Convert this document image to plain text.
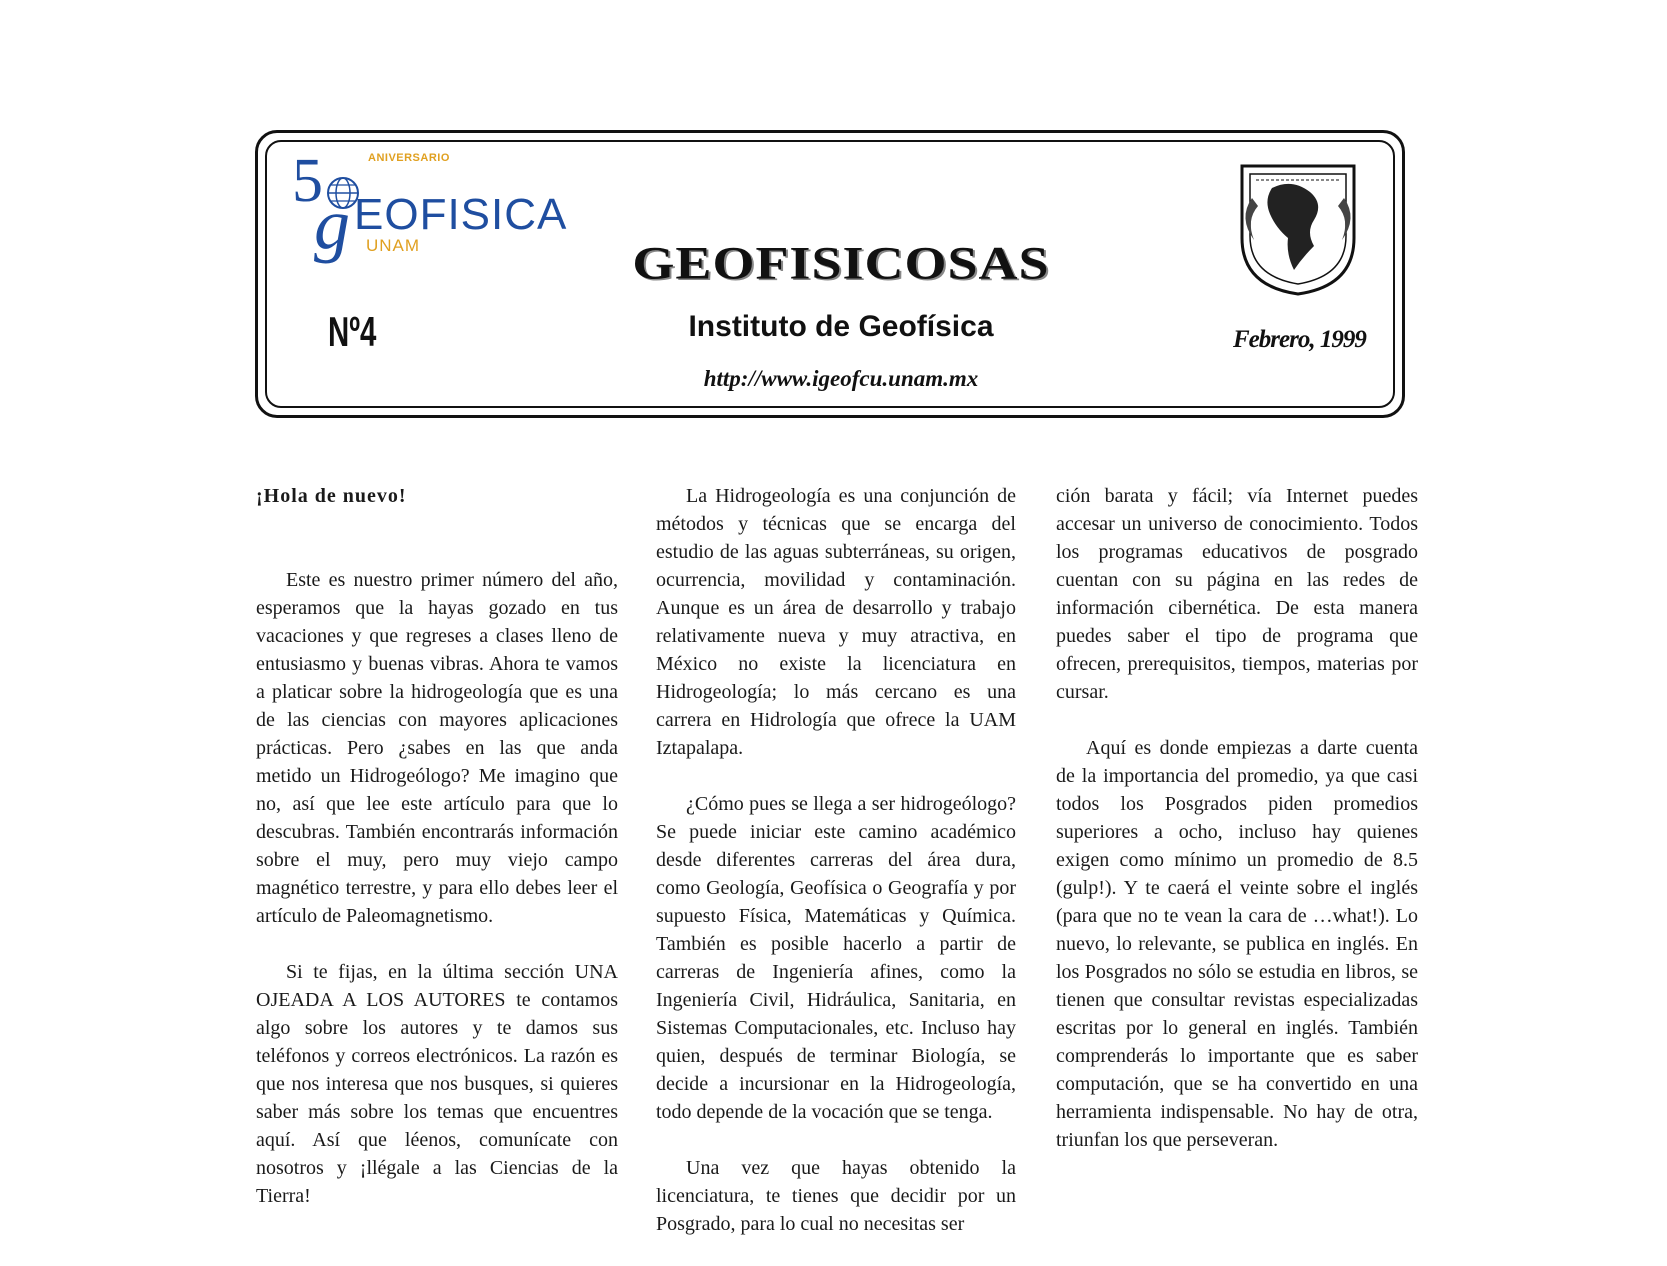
5	ANIVERSARIO
g EOFISICA
UNAM	GEOFISICOSAS
Instituto de Geofísica
http://www.igeofcu.unam.mx
Nº4	Febrero, 1999

¡Hola de nuevo!

Este es nuestro primer número del año, esperamos que la hayas gozado en tus vacaciones y que regreses a clases lleno de entusiasmo y buenas vibras. Ahora te vamos a platicar sobre la hidrogeología que es una de las ciencias con mayores aplicaciones prácticas. Pero ¿sabes en las que anda metido un Hidrogeólogo? Me imagino que no, así que lee este artículo para que lo descubras. También encontrarás información sobre el muy, pero muy viejo campo magnético terrestre, y para ello debes leer el artículo de Paleomagnetismo.

Si te fijas, en la última sección UNA OJEADA A LOS AUTORES te contamos algo sobre los autores y te damos sus teléfonos y correos electrónicos. La razón es que nos interesa que nos busques, si quieres saber más sobre los temas que encuentres aquí. Así que léenos, comunícate con nosotros y ¡llégale a las Ciencias de la Tierra!

La Hidrogeología es una conjunción de métodos y técnicas que se encarga del estudio de las aguas subterráneas, su origen, ocurrencia, movilidad y contaminación. Aunque es un área de desarrollo y trabajo relativamente nueva y muy atractiva, en México no existe la licenciatura en Hidrogeología; lo más cercano es una carrera en Hidrología que ofrece la UAM Iztapalapa.

¿Cómo pues se llega a ser hidrogeólogo? Se puede iniciar este camino académico desde diferentes carreras del área dura, como Geología, Geofísica o Geografía y por supuesto Física, Matemáticas y Química. También es posible hacerlo a partir de carreras de Ingeniería afines, como la Ingeniería Civil, Hidráulica, Sanitaria, en Sistemas Computacionales, etc. Incluso hay quien, después de terminar Biología, se decide a incursionar en la Hidrogeología, todo depende de la vocación que se tenga.

Una vez que hayas obtenido la licenciatura, te tienes que decidir por un Posgrado, para lo cual no necesitas ser

ción barata y fácil; vía Internet puedes accesar un universo de conocimiento. Todos los programas educativos de posgrado cuentan con su página en las redes de información cibernética. De esta manera puedes saber el tipo de programa que ofrecen, prerequisitos, tiempos, materias por cursar.

Aquí es donde empiezas a darte cuenta de la importancia del promedio, ya que casi todos los Posgrados piden promedios superiores a ocho, incluso hay quienes exigen como mínimo un promedio de 8.5 (gulp!). Y te caerá el veinte sobre el inglés (para que no te vean la cara de …what!). Lo nuevo, lo relevante, se publica en inglés. En los Posgrados no sólo se estudia en libros, se tienen que consultar revistas especializadas escritas por lo general en inglés. También comprenderás lo importante que es saber computación, que se ha convertido en una herramienta indispensable. No hay de otra, triunfan los que perseveran.
